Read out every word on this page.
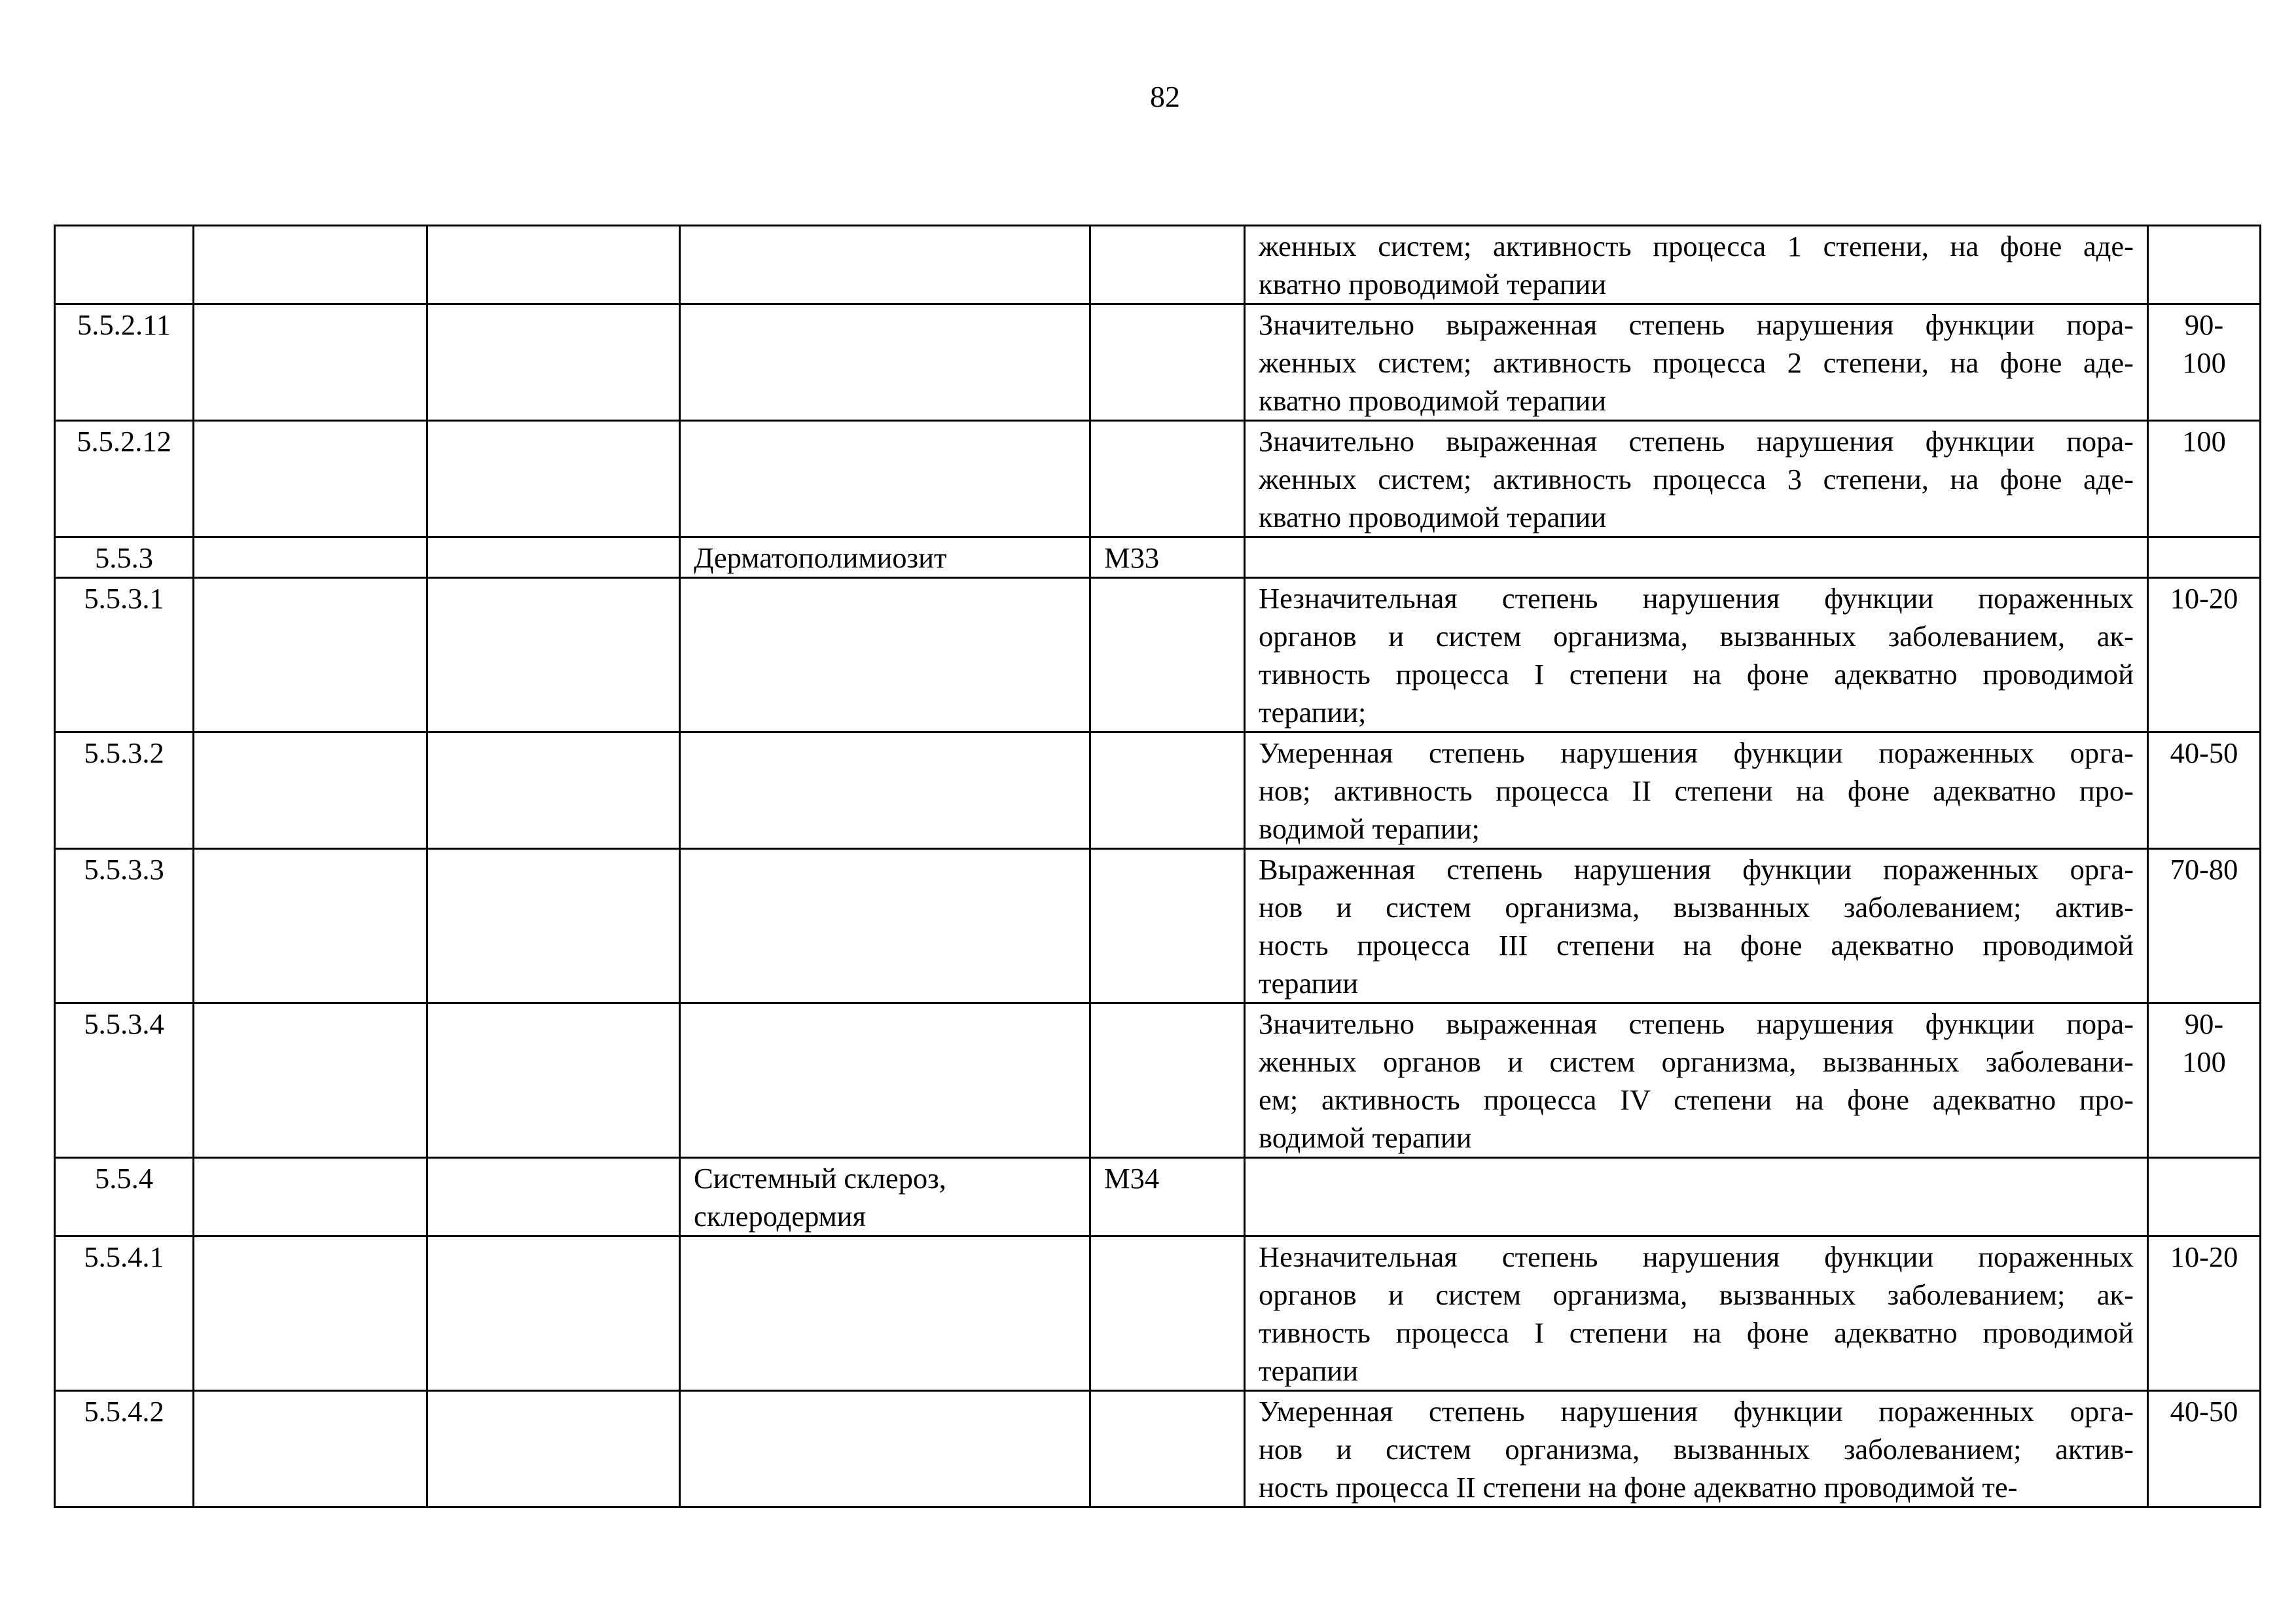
82

					женных систем; активность процесса 1 степени, на фоне аде-
кватно проводимой терапии	

5.5.2.11					Значительно выраженная степень нарушения функции пора-
женных систем; активность процесса 2 степени, на фоне аде-
кватно проводимой терапии	90-
100

5.5.2.12					Значительно выраженная степень нарушения функции пора-
женных систем; активность процесса 3 степени, на фоне аде-
кватно проводимой терапии	100

5.5.3			Дерматополимиозит	М33		
5.5.3.1					Незначительная степень нарушения функции пораженных
органов и систем организма, вызванных заболеванием, ак-
тивность процесса I степени на фоне адекватно проводимой
терапии;	10-20

5.5.3.2					Умеренная степень нарушения функции пораженных орга-
нов; активность процесса II степени на фоне адекватно про-
водимой терапии;	40-50

5.5.3.3					Выраженная степень нарушения функции пораженных орга-
нов и систем организма, вызванных заболеванием; актив-
ность процесса III степени на фоне адекватно проводимой
терапии	70-80

5.5.3.4					Значительно выраженная степень нарушения функции пора-
женных органов и систем организма, вызванных заболевани-
ем; активность процесса IV степени на фоне адекватно про-
водимой терапии	90-
100

5.5.4			Системный склероз,
склеродермия	М34		
5.5.4.1					Незначительная степень нарушения функции пораженных
органов и систем организма, вызванных заболеванием; ак-
тивность процесса I степени на фоне адекватно проводимой
терапии	10-20

5.5.4.2					Умеренная степень нарушения функции пораженных орга-
нов и систем организма, вызванных заболеванием; актив-
ность процесса II степени на фоне адекватно проводимой те-	40-50
